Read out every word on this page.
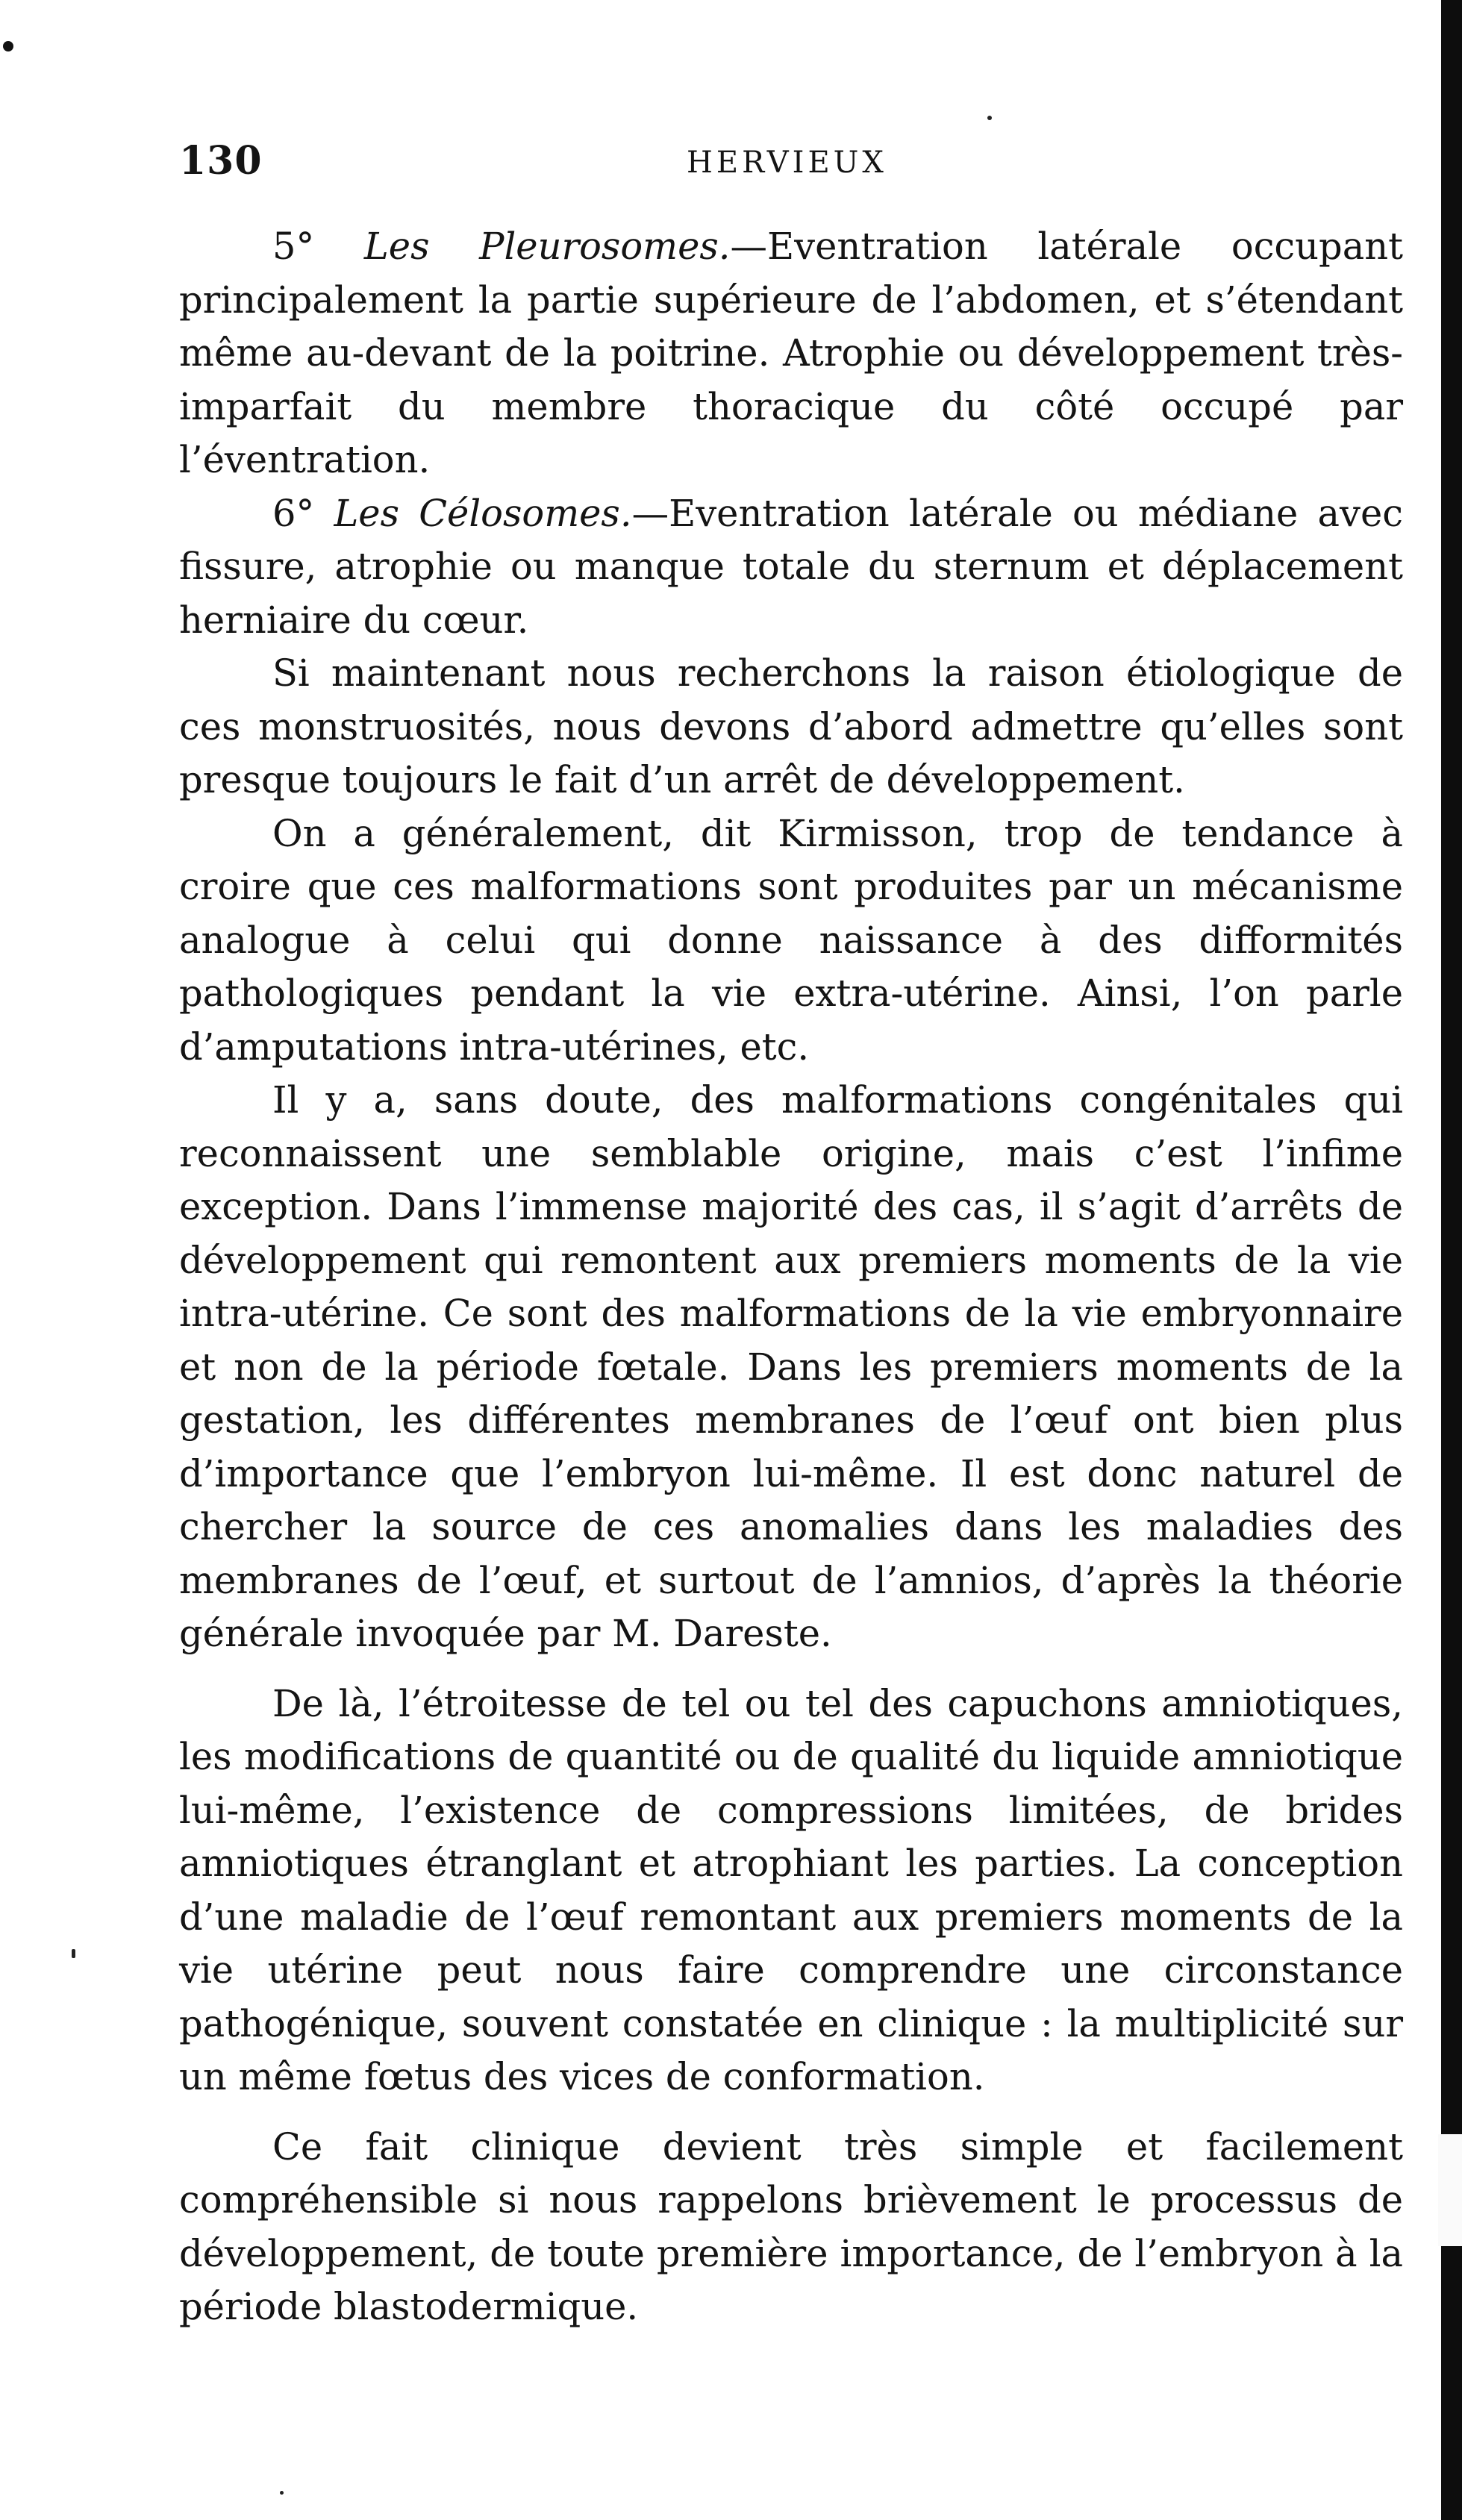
130	HERVIEUX

5° Les Pleurosomes.—Eventration latérale occupant principalement la partie supérieure de l’abdomen, et s’étendant même au-devant de la poitrine. Atrophie ou développement très-imparfait du membre thoracique du côté occupé par l’éventration.

6° Les Célosomes.—Eventration latérale ou médiane avec fissure, atrophie ou manque totale du sternum et déplacement herniaire du cœur.

Si maintenant nous recherchons la raison étiologique de ces monstruosités, nous devons d’abord admettre qu’elles sont presque toujours le fait d’un arrêt de développement.

On a généralement, dit Kirmisson, trop de tendance à croire que ces malformations sont produites par un mécanisme analogue à celui qui donne naissance à des difformités pathologiques pendant la vie extra-utérine. Ainsi, l’on parle d’amputations intra-utérines, etc.

Il y a, sans doute, des malformations congénitales qui reconnaissent une semblable origine, mais c’est l’infime exception. Dans l’immense majorité des cas, il s’agit d’arrêts de développement qui remontent aux premiers moments de la vie intra-utérine. Ce sont des malformations de la vie embryonnaire et non de la période fœtale. Dans les premiers moments de la gestation, les différentes membranes de l’œuf ont bien plus d’importance que l’embryon lui-même. Il est donc naturel de chercher la source de ces anomalies dans les maladies des membranes de l’œuf, et surtout de l’amnios, d’après la théorie générale invoquée par M. Dareste.

De là, l’étroitesse de tel ou tel des capuchons amniotiques, les modifications de quantité ou de qualité du liquide amniotique lui-même, l’existence de compressions limitées, de brides amniotiques étranglant et atrophiant les parties. La conception d’une maladie de l’œuf remontant aux premiers moments de la vie utérine peut nous faire comprendre une circonstance pathogénique, souvent constatée en clinique : la multiplicité sur un même fœtus des vices de conformation.

Ce fait clinique devient très simple et facilement compréhensible si nous rappelons brièvement le processus de développement, de toute première importance, de l’embryon à la période blastodermique.
